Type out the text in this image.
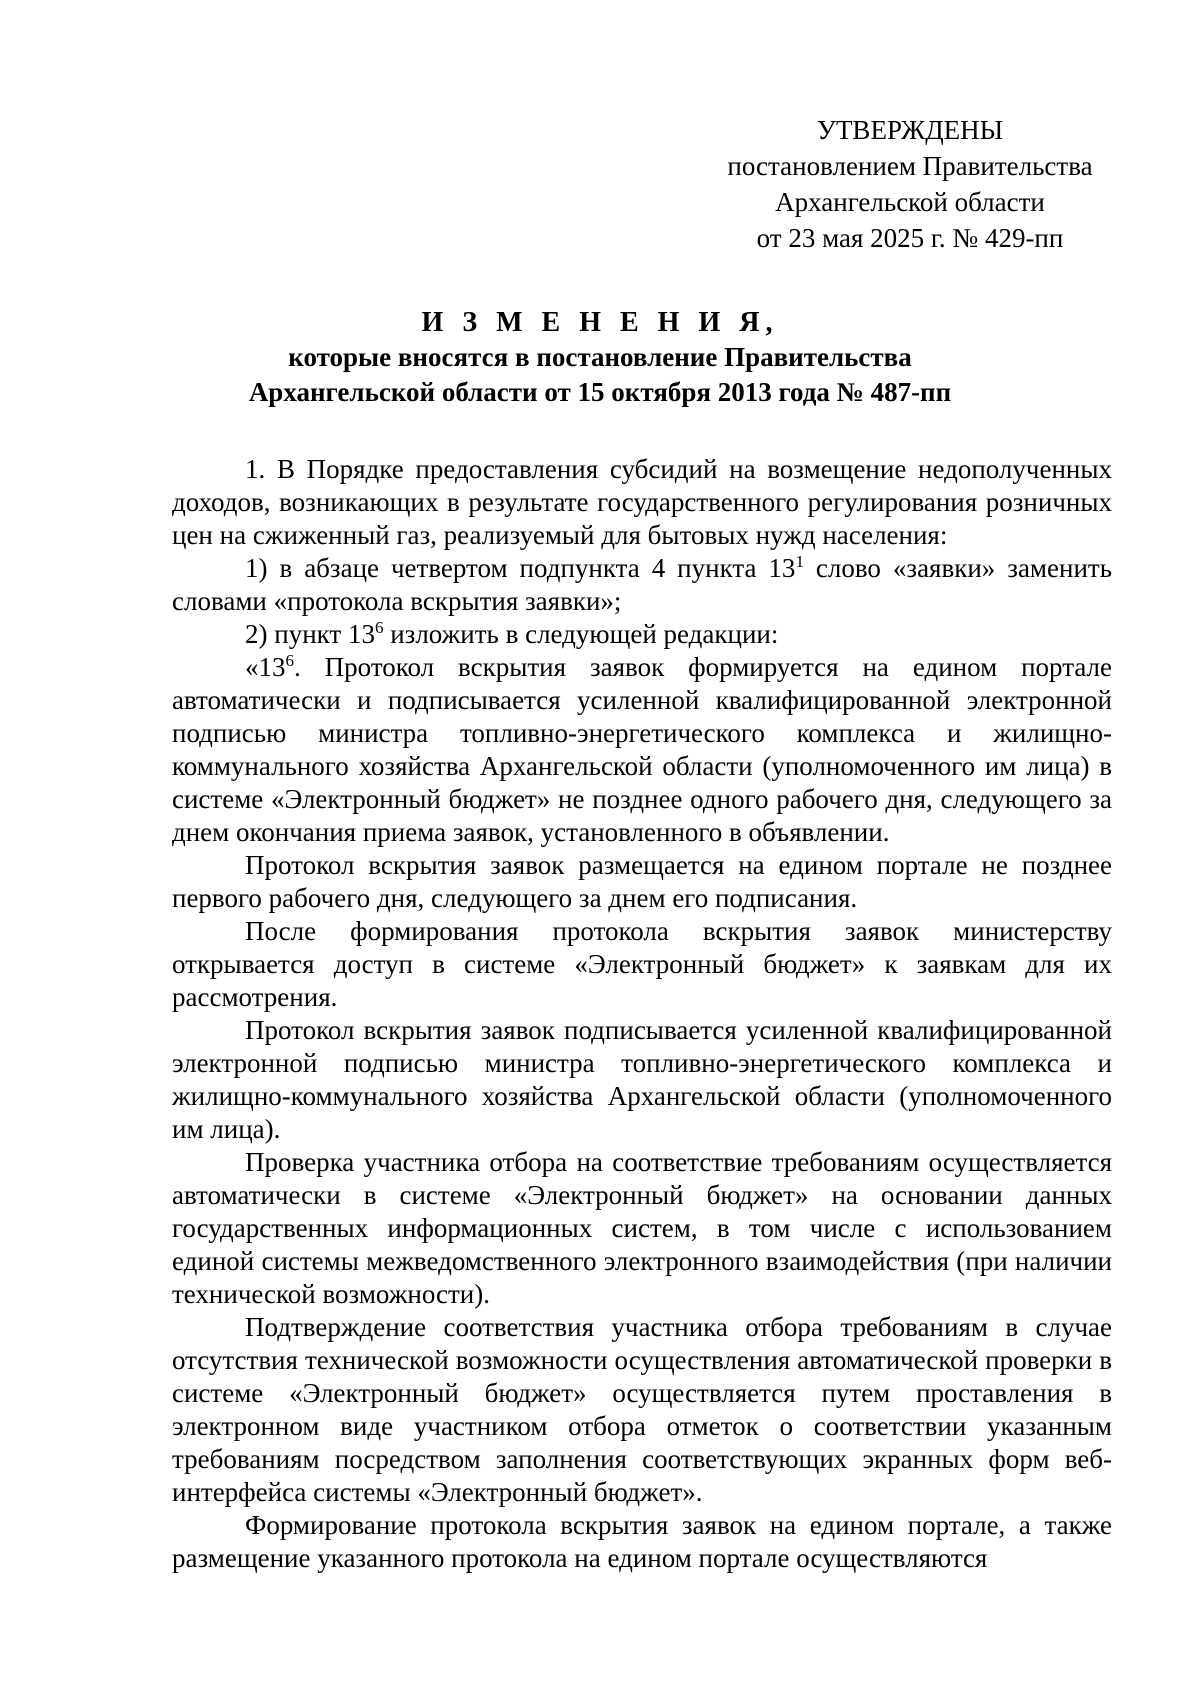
УТВЕРЖДЕНЫ
постановлением Правительства
Архангельской области
от 23 мая 2025 г. № 429-пп
И З М Е Н Е Н И Я,
которые вносятся в постановление Правительства
Архангельской области от 15 октября 2013 года № 487-пп

1. В Порядке предоставления субсидий на возмещение недополученных доходов, возникающих в результате государственного регулирования розничных цен на сжиженный газ, реализуемый для бытовых нужд населения:

1) в абзаце четвертом подпункта 4 пункта $13^1$ слово «заявки» заменить словами «протокола вскрытия заявки»;

2) пункт $13^6$ изложить в следующей редакции:

«$13^6$. Протокол вскрытия заявок формируется на едином портале автоматически и подписывается усиленной квалифицированной электронной подписью министра топливно-энергетического комплекса и жилищно-коммунального хозяйства Архангельской области (уполномоченного им лица) в системе «Электронный бюджет» не позднее одного рабочего дня, следующего за днем окончания приема заявок, установленного в объявлении.

Протокол вскрытия заявок размещается на едином портале не позднее первого рабочего дня, следующего за днем его подписания.

После формирования протокола вскрытия заявок министерству открывается доступ в системе «Электронный бюджет» к заявкам для их рассмотрения.

Протокол вскрытия заявок подписывается усиленной квалифицированной электронной подписью министра топливно-энергетического комплекса и жилищно-коммунального хозяйства Архангельской области (уполномоченного им лица).

Проверка участника отбора на соответствие требованиям осуществляется автоматически в системе «Электронный бюджет» на основании данных государственных информационных систем, в том числе с использованием единой системы межведомственного электронного взаимодействия (при наличии технической возможности).

Подтверждение соответствия участника отбора требованиям в случае отсутствия технической возможности осуществления автоматической проверки в системе «Электронный бюджет» осуществляется путем проставления в электронном виде участником отбора отметок о соответствии указанным требованиям посредством заполнения соответствующих экранных форм веб-интерфейса системы «Электронный бюджет».

Формирование протокола вскрытия заявок на едином портале, а также размещение указанного протокола на едином портале осуществляются
